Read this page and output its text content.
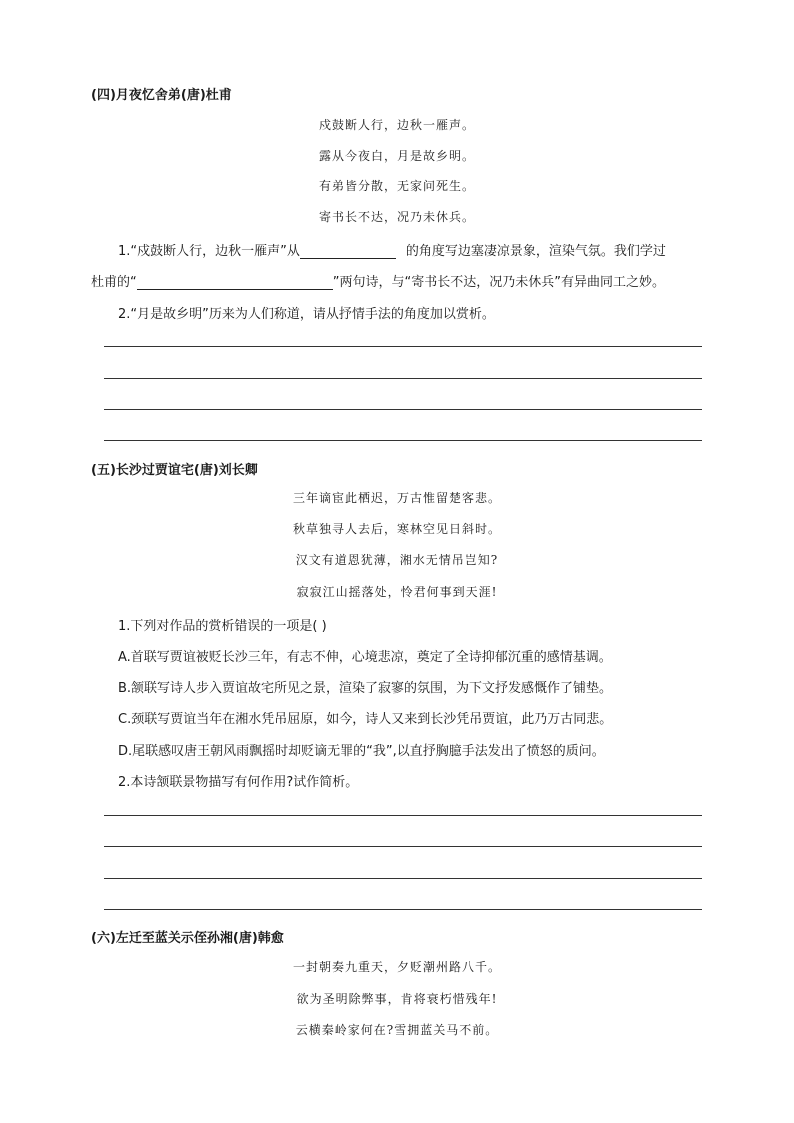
(四)月夜忆舍弟(唐)杜甫
戍鼓断人行，边秋一雁声。
露从今夜白，月是故乡明。
有弟皆分散，无家问死生。
寄书长不达，况乃未休兵。
1.“戍鼓断人行，边秋一雁声”从	的角度写边塞凄凉景象，渲染气氛。我们学过
杜甫的“	”两句诗，与“寄书长不达，况乃未休兵”有异曲同工之妙。
2.“月是故乡明”历来为人们称道，请从抒情手法的角度加以赏析。
(五)长沙过贾谊宅(唐)刘长卿
三年谪宦此栖迟，万古惟留楚客悲。
秋草独寻人去后，寒林空见日斜时。
汉文有道恩犹薄，湘水无情吊岂知?
寂寂江山摇落处，怜君何事到天涯!
1.下列对作品的赏析错误的一项是( )
A.首联写贾谊被贬长沙三年，有志不伸，心境悲凉，奠定了全诗抑郁沉重的感情基调。
B.颔联写诗人步入贾谊故宅所见之景，渲染了寂寥的氛围，为下文抒发感慨作了铺垫。
C.颈联写贾谊当年在湘水凭吊屈原，如今，诗人又来到长沙凭吊贾谊，此乃万古同悲。
D.尾联感叹唐王朝风雨飘摇时却贬谪无罪的“我”,以直抒胸臆手法发出了愤怒的质问。
2.本诗颔联景物描写有何作用?试作简析。
(六)左迁至蓝关示侄孙湘(唐)韩愈
一封朝奏九重天，夕贬潮州路八千。
欲为圣明除弊事，肯将衰朽惜残年!
云横秦岭家何在?雪拥蓝关马不前。
